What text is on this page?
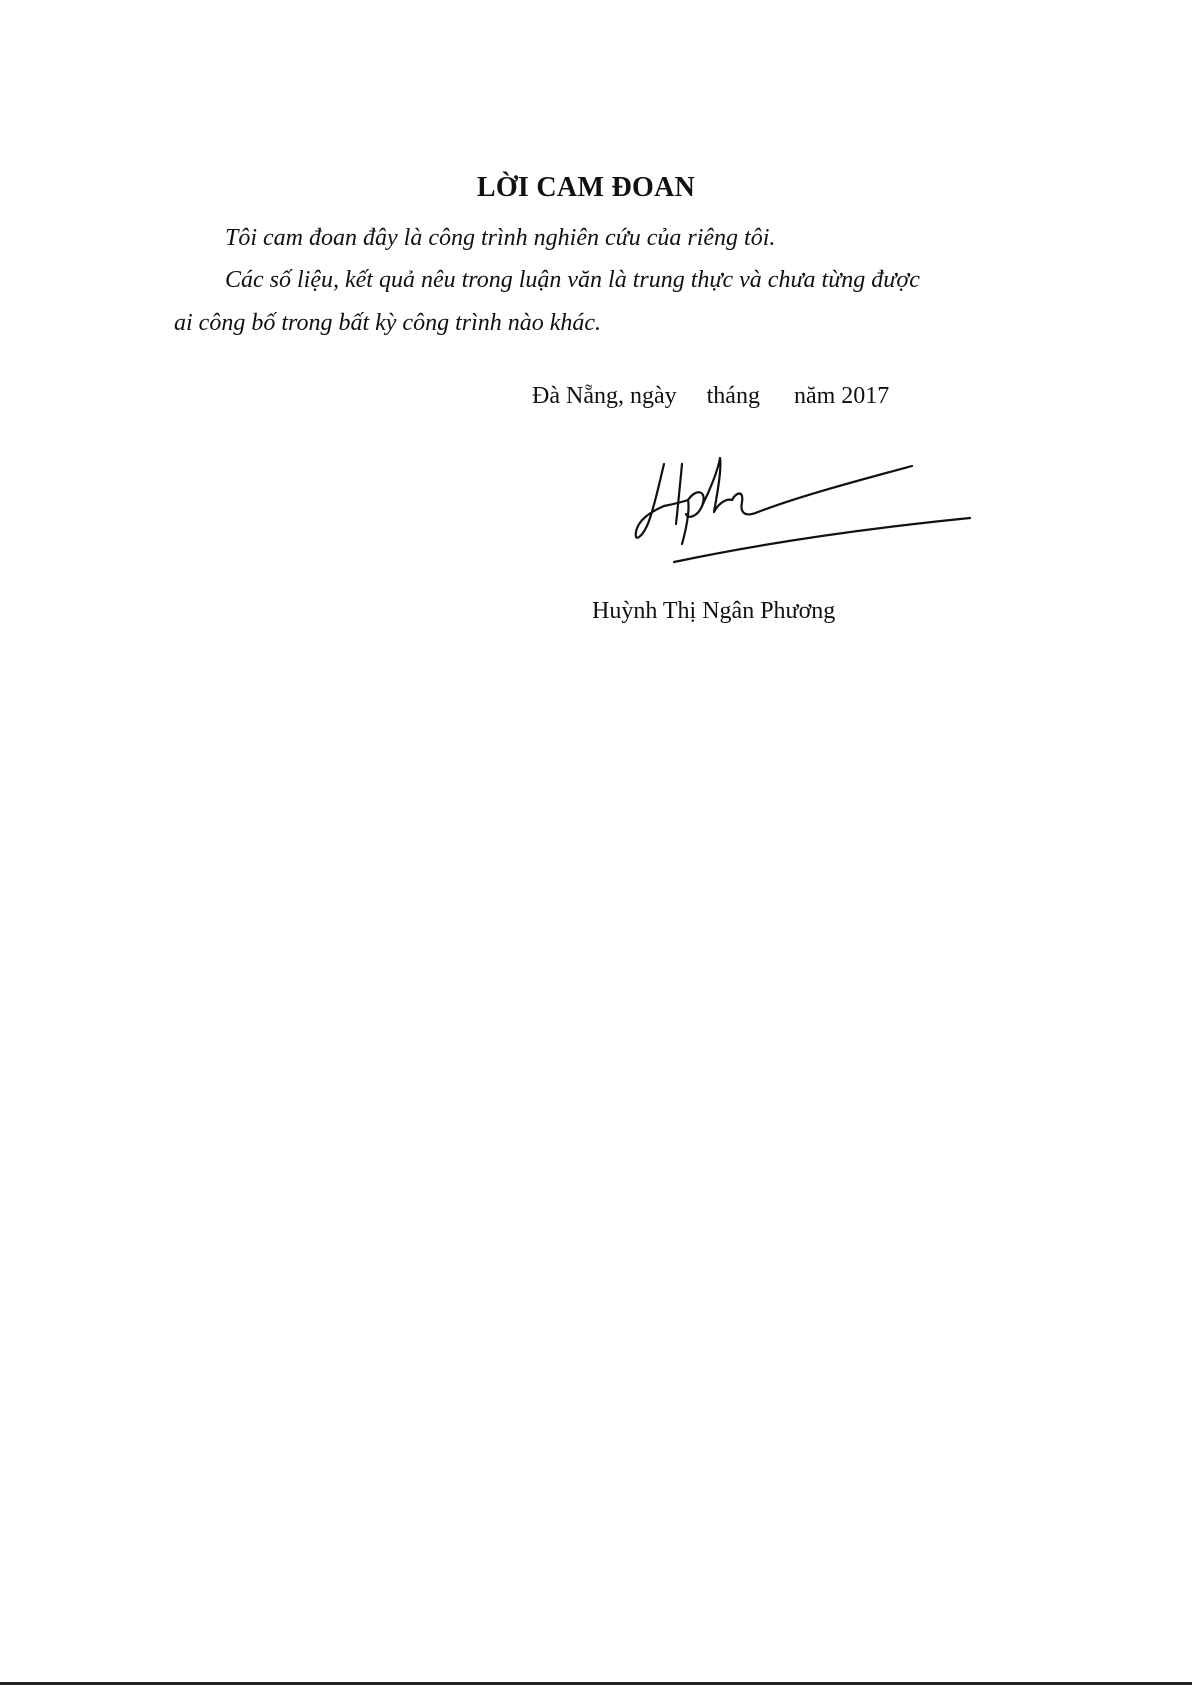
LỜI CAM ĐOAN
Tôi cam đoan đây là công trình nghiên cứu của riêng tôi.
Các số liệu, kết quả nêu trong luận văn là trung thực và chưa từng được
ai công bố trong bất kỳ công trình nào khác.
Đà Nẵng, ngày tháng năm 2017
Huỳnh Thị Ngân Phương
